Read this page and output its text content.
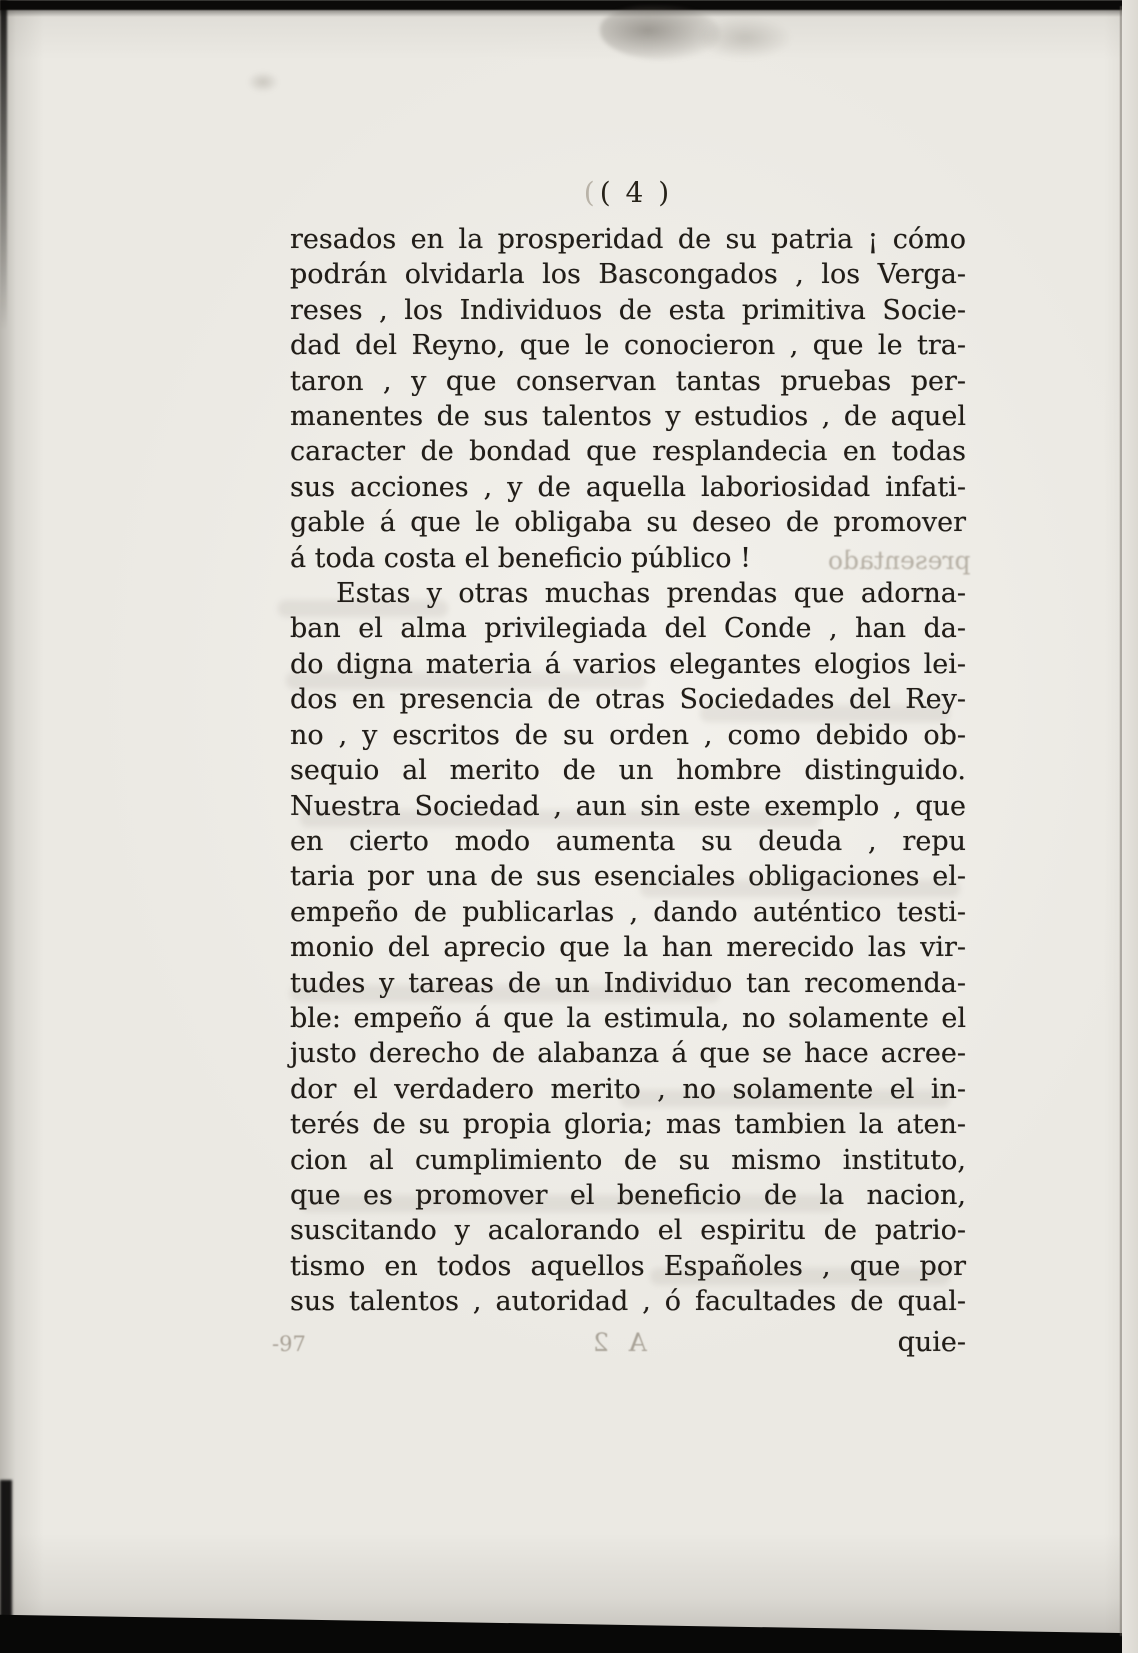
(( 4 )
resados en la prosperidad de su patria ¡ cómo
podrán olvidarla los Bascongados , los Verga-
reses , los Individuos de esta primitiva Socie-
dad del Reyno, que le conocieron , que le tra-
taron , y que conservan tantas pruebas per-
manentes de sus talentos y estudios , de aquel
caracter de bondad que resplandecia en todas
sus acciones , y de aquella laboriosidad infati-
gable á que le obligaba su deseo de promover
á toda costa el beneficio público !	presentado
Estas y otras muchas prendas que adorna-
ban el alma privilegiada del Conde , han da-
do digna materia á varios elegantes elogios lei-
dos en presencia de otras Sociedades del Rey-
no , y escritos de su orden , como debido ob-
sequio al merito de un hombre distinguido.
Nuestra Sociedad , aun sin este exemplo , que
en cierto modo aumenta su deuda , repu
taria por una de sus esenciales obligaciones el-
empeño de publicarlas , dando auténtico testi-
monio del aprecio que la han merecido las vir-
tudes y tareas de un Individuo tan recomenda-
ble: empeño á que la estimula, no solamente el
justo derecho de alabanza á que se hace acree-
dor el verdadero merito , no solamente el in-
terés de su propia gloria; mas tambien la aten-
cion al cumplimiento de su mismo instituto,
que es promover el beneficio de la nacion,
suscitando y acalorando el espiritu de patrio-
tismo en todos aquellos Españoles , que por
sus talentos , autoridad , ó facultades de qual-
-97	A 2	quie-
